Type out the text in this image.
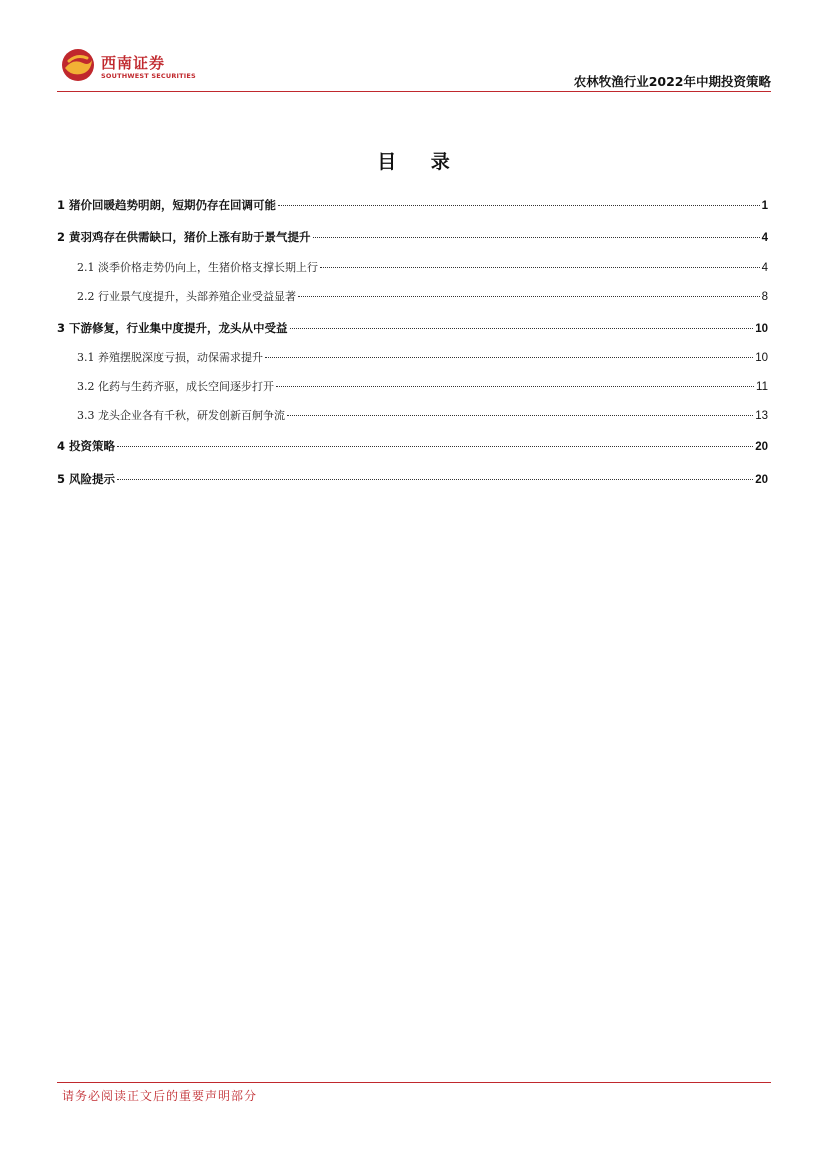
西南证券
SOUTHWEST SECURITIES	农林牧渔行业2022年中期投资策略
目 录
1 猪价回暖趋势明朗，短期仍存在回调可能	1
2 黄羽鸡存在供需缺口，猪价上涨有助于景气提升	4
2.1 淡季价格走势仍向上，生猪价格支撑长期上行	4
2.2 行业景气度提升，头部养殖企业受益显著	8
3 下游修复，行业集中度提升，龙头从中受益	10
3.1 养殖摆脱深度亏损，动保需求提升	10
3.2 化药与生药齐驱，成长空间逐步打开	11
3.3 龙头企业各有千秋，研发创新百舸争流	13
4 投资策略	20
5 风险提示	20
请务必阅读正文后的重要声明部分
